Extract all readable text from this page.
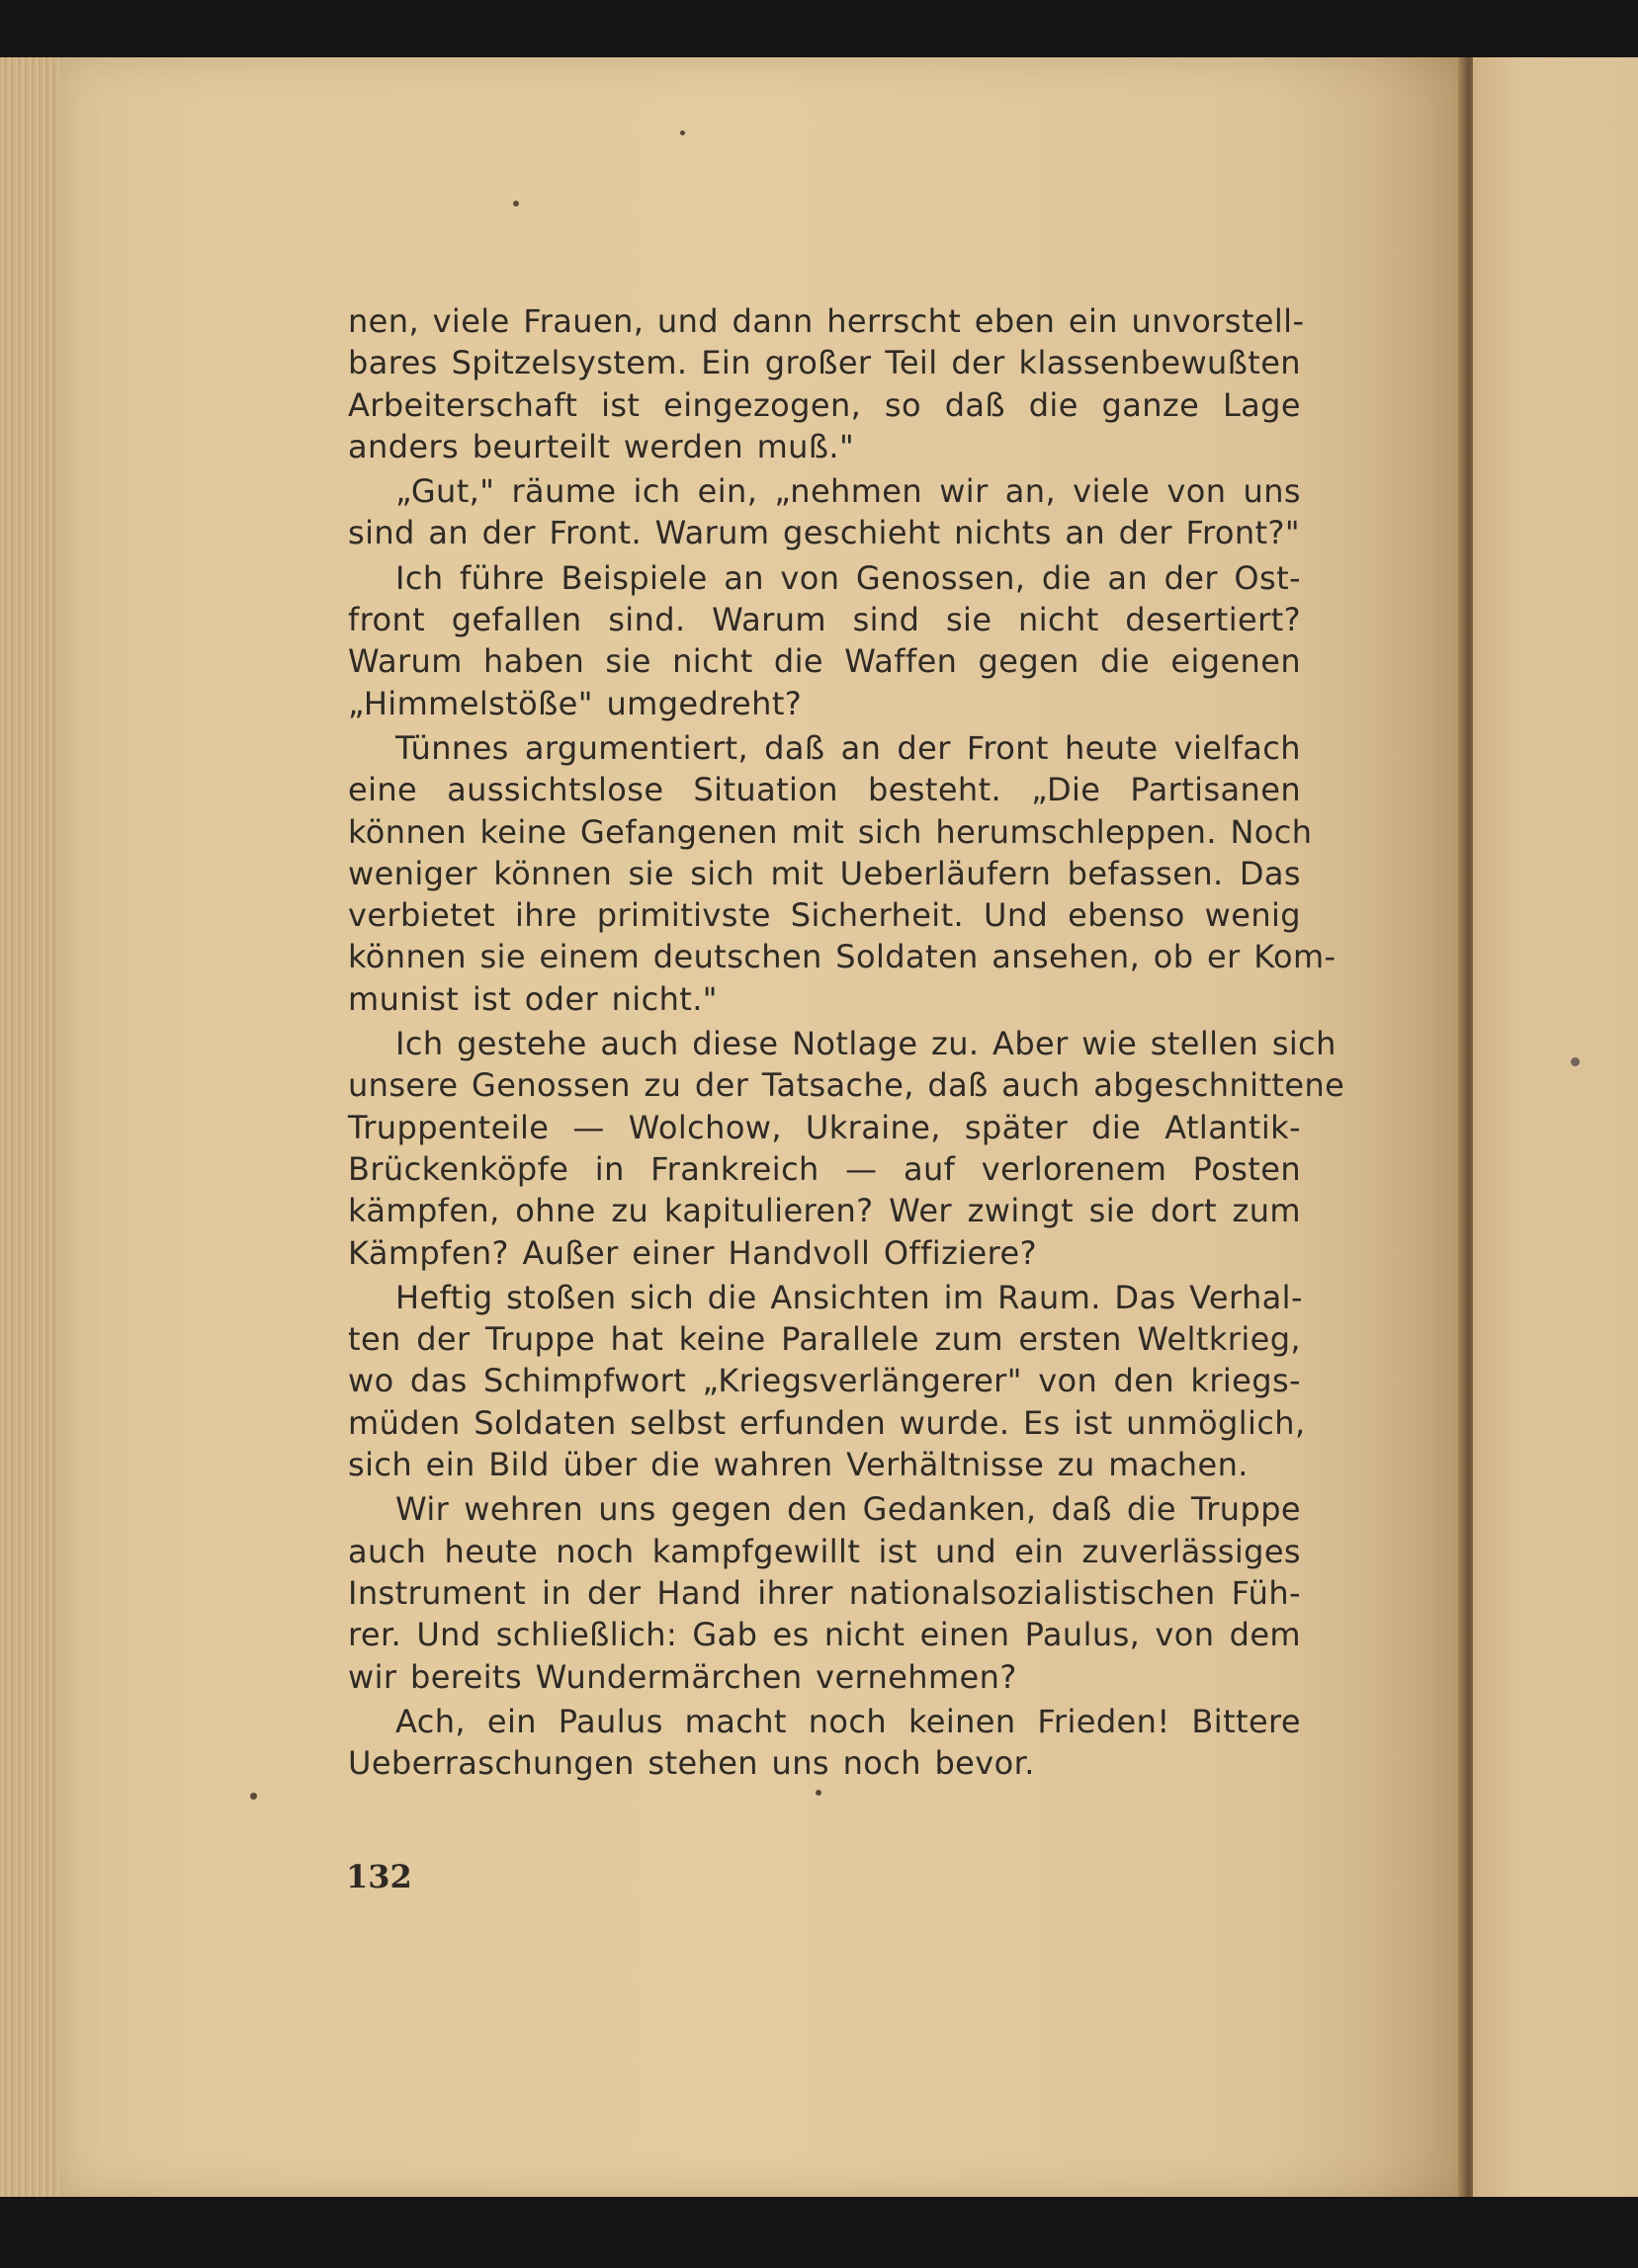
nen, viele Frauen, und dann herrscht eben ein unvorstell-
bares Spitzelsystem. Ein großer Teil der klassenbewußten
Arbeiterschaft ist eingezogen, so daß die ganze Lage
anders beurteilt werden muß."
„Gut," räume ich ein, „nehmen wir an, viele von uns
sind an der Front. Warum geschieht nichts an der Front?"
Ich führe Beispiele an von Genossen, die an der Ost-
front gefallen sind. Warum sind sie nicht desertiert?
Warum haben sie nicht die Waffen gegen die eigenen
„Himmelstöße" umgedreht?
Tünnes argumentiert, daß an der Front heute vielfach
eine aussichtslose Situation besteht. „Die Partisanen
können keine Gefangenen mit sich herumschleppen. Noch
weniger können sie sich mit Ueberläufern befassen. Das
verbietet ihre primitivste Sicherheit. Und ebenso wenig
können sie einem deutschen Soldaten ansehen, ob er Kom-
munist ist oder nicht."
Ich gestehe auch diese Notlage zu. Aber wie stellen sich
unsere Genossen zu der Tatsache, daß auch abgeschnittene
Truppenteile — Wolchow, Ukraine, später die Atlantik-
Brückenköpfe in Frankreich — auf verlorenem Posten
kämpfen, ohne zu kapitulieren? Wer zwingt sie dort zum
Kämpfen? Außer einer Handvoll Offiziere?
Heftig stoßen sich die Ansichten im Raum. Das Verhal-
ten der Truppe hat keine Parallele zum ersten Weltkrieg,
wo das Schimpfwort „Kriegsverlängerer" von den kriegs-
müden Soldaten selbst erfunden wurde. Es ist unmöglich,
sich ein Bild über die wahren Verhältnisse zu machen.
Wir wehren uns gegen den Gedanken, daß die Truppe
auch heute noch kampfgewillt ist und ein zuverlässiges
Instrument in der Hand ihrer nationalsozialistischen Füh-
rer. Und schließlich: Gab es nicht einen Paulus, von dem
wir bereits Wundermärchen vernehmen?
Ach, ein Paulus macht noch keinen Frieden! Bittere
Ueberraschungen stehen uns noch bevor.
132
